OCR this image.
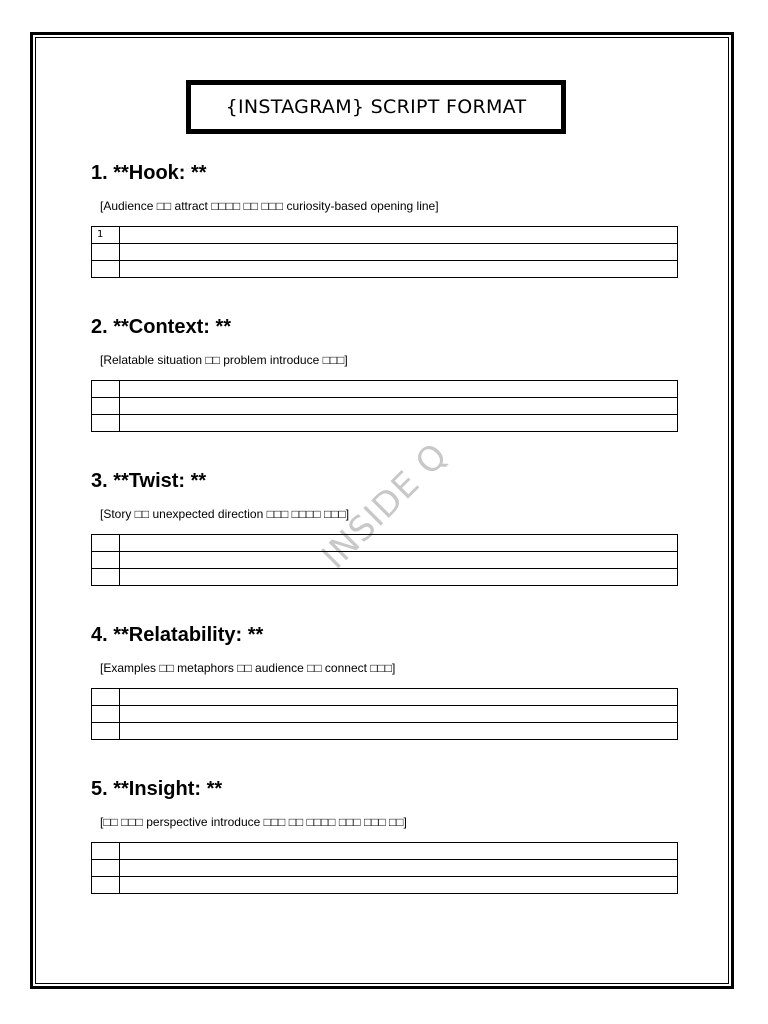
{INSTAGRAM} SCRIPT FORMAT
INSIDE Q
1. **Hook: **
[Audience □□ attract □□□□ □□ □□□ curiosity-based opening line]
1	

2. **Context: **
[Relatable situation □□ problem introduce □□□]

3. **Twist: **
[Story □□ unexpected direction □□□ □□□□ □□□]

4. **Relatability: **
[Examples □□ metaphors □□ audience □□ connect □□□]

5. **Insight: **
[□□ □□□ perspective introduce □□□ □□ □□□□ □□□ □□□ □□]
